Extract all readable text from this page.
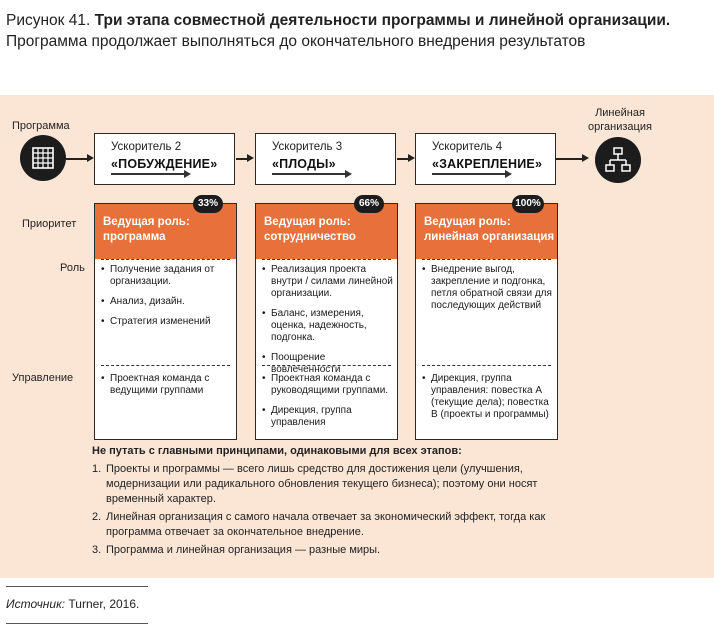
Рисунок 41. Три этапа совместной деятельности программы и линейной организации. Программа продолжает выполняться до окончательного внедрения результатов
Программа
Линейная
организация
Ускоритель 2
«ПОБУЖДЕНИЕ»
Ускоритель 3
«ПЛОДЫ»
Ускоритель 4
«ЗАКРЕПЛЕНИЕ»
Приоритет
Роль
Управление
Ведущая роль:
программа
• Получение задания от организации.
• Анализ, дизайн.
• Стратегия изменений
• Проектная команда с ведущими группами
Ведущая роль:
сотрудничество
• Реализация проекта внутри / силами линейной организации.
• Баланс, измерения, оценка, надежность, подгонка.
• Поощрение вовлеченности
• Проектная команда с руководящими группами.
• Дирекция, группа управления
Ведущая роль:
линейная организация
• Внедрение выгод, закрепление и подгонка, петля обратной связи для последующих действий
• Дирекция, группа управления: повестка А (текущие дела); повестка В (проекты и программы)
33%	66%	100%
Не путать с главными принципами, одинаковыми для всех этапов:
1. Проекты и программы — всего лишь средство для достижения цели (улучшения, модернизации или радикального обновления текущего бизнеса); поэтому они носят временный характер.
2. Линейная организация с самого начала отвечает за экономический эффект, тогда как программа отвечает за окончательное внедрение.
3. Программа и линейная организация — разные миры.
Источник: Turner, 2016.
